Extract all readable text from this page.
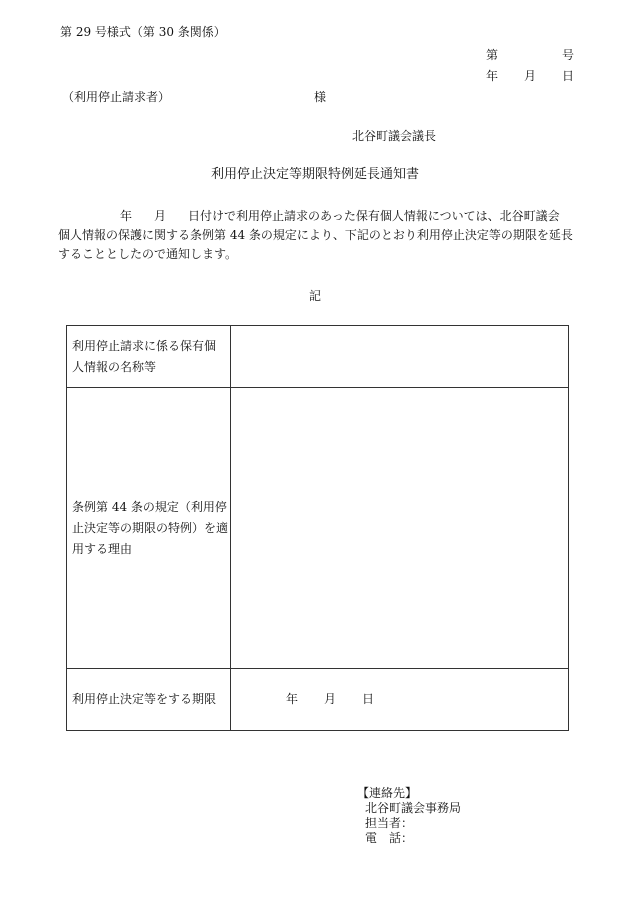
第 29 号様式（第 30 条関係）
第	号
年 月 日
（利用停止請求者）	様
北谷町議会議長
利用停止決定等期限特例延長通知書
年 月 日付けで利用停止請求のあった保有個人情報については、北谷町議会
個人情報の保護に関する条例第 44 条の規定により、下記のとおり利用停止決定等の期限を延長
することとしたので通知します。
記
利用停止請求に係る保有個
人情報の名称等	

条例第 44 条の規定（利用停
止決定等の期限の特例）を適
用する理由	

利用停止決定等をする期限	年 月 日
【連絡先】
北谷町議会事務局
担当者：
電　話：
